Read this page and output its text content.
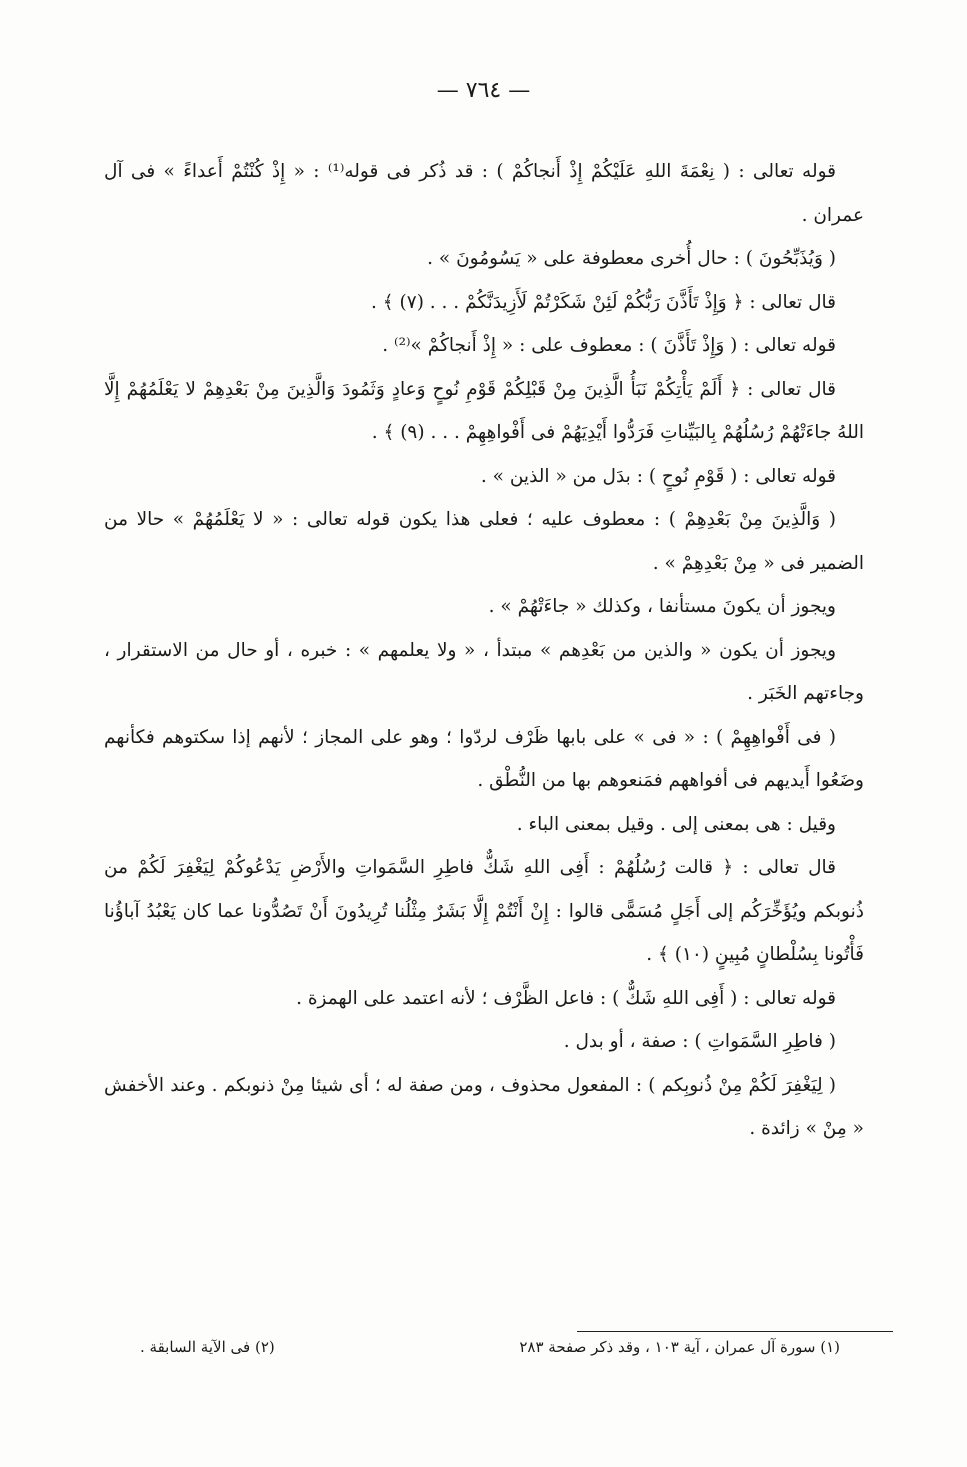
— ٧٦٤ —

قوله تعالى : ( نِعْمَةَ اللهِ عَلَيْكُمْ إِذْ أَنجاكُمْ ) : قد ذُكر فى قوله⁽¹⁾ : « إِذْ كُنْتُمْ أَعداءً » فى آل عمران .

( وَيُذَبِّحُونَ ) : حال أُخرى معطوفة على « يَسُومُونَ » .

قال تعالى : ﴿ وَإِذْ تَأَذَّنَ رَبُّكُمْ لَئِنْ شَكَرْتُمْ لَأَزِيدَنَّكُمْ . . . (٧) ﴾ .

قوله تعالى : ( وَإِذْ تَأَذَّنَ ) : معطوف على : « إِذْ أَنجاكُمْ »⁽²⁾ .

قال تعالى : ﴿ أَلَمْ يَأْتِكُمْ نَبَأُ الَّذِينَ مِنْ قَبْلِكُمْ قَوْمِ نُوحٍ وَعادٍ وَثَمُودَ وَالَّذِينَ مِنْ بَعْدِهِمْ لا يَعْلَمُهُمْ إِلَّا اللهُ جاءَتْهُمْ رُسُلُهُمْ بِالبَيِّناتِ فَرَدُّوا أَيْدِيَهُمْ فى أَفْواهِهِمْ . . . (٩) ﴾ .

قوله تعالى : ( قَوْمِ نُوحٍ ) : بدَل من « الذين » .

( وَالَّذِينَ مِنْ بَعْدِهِمْ ) : معطوف عليه ؛ فعلى هذا يكون قوله تعالى : « لا يَعْلَمُهُمْ » حالا من الضمير فى « مِنْ بَعْدِهِمْ » .

ويجوز أن يكونَ مستأنفا ، وكذلك « جاءَتْهُمْ » .

ويجوز أن يكون « والذين من بَعْدِهم » مبتدأ ، « ولا يعلمهم » : خبره ، أو حال من الاستقرار ، وجاءتهم الخَبَر .

( فى أَفْواهِهِمْ ) : « فى » على بابها ظَرْف لردّوا ؛ وهو على المجاز ؛ لأنهم إذا سكتوهم فكأنهم وضَعُوا أَيديهم فى أفواههم فمَنعوهم بها من النُّطْق .

وقيل : هى بمعنى إلى . وقيل بمعنى الباء .

قال تعالى : ﴿ قالت رُسُلُهُمْ : أَفِى اللهِ شَكٌّ فاطِرِ السَّمَواتِ والأَرْضِ يَدْعُوكُمْ لِيَغْفِرَ لَكُمْ من ذُنوبكم ويُؤَخِّرَكُم إلى أَجَلٍ مُسَمًّى قالوا : إِنْ أَنْتُمْ إِلَّا بَشَرٌ مِثْلُنا تُرِيدُونَ أَنْ تَصُدُّونا عما كان يَعْبُدُ آباؤُنا فَأْتُونا بِسُلْطانٍ مُبِينٍ (١٠) ﴾ .

قوله تعالى : ( أَفِى اللهِ شَكٌّ ) : فاعل الظَّرْف ؛ لأنه اعتمد على الهمزة .

( فاطِرِ السَّمَواتِ ) : صفة ، أو بدل .

( لِيَغْفِرَ لَكُمْ مِنْ ذُنوبِكم ) : المفعول محذوف ، ومن صفة له ؛ أى شيئا مِنْ ذنوبكم . وعند الأخفش « مِنْ » زائدة .

(١) سورة آل عمران ، آية ١٠٣ ، وقد ذكر صفحة ٢٨٣
(٢) فى الآية السابقة .
